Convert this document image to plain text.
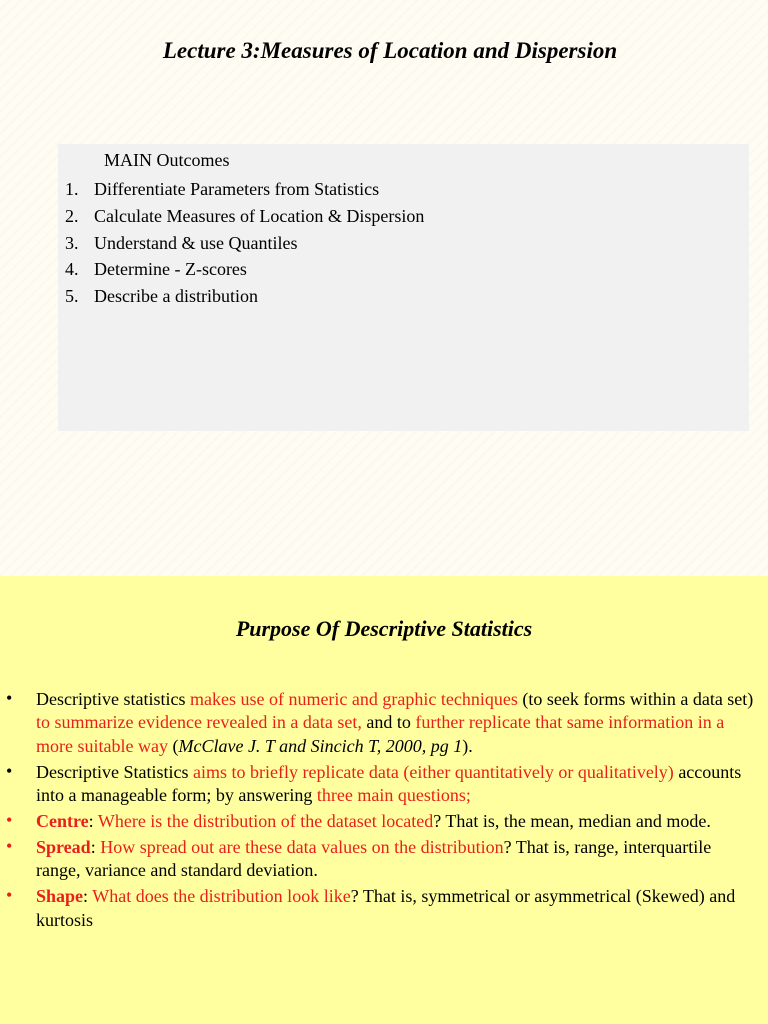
Lecture 3:Measures of Location and Dispersion
MAIN Outcomes
1. Differentiate Parameters from Statistics
2. Calculate Measures of Location & Dispersion
3. Understand & use Quantiles
4. Determine - Z-scores
5. Describe a distribution
Purpose Of Descriptive Statistics
• Descriptive statistics makes use of numeric and graphic techniques (to seek forms within a data set) to summarize evidence revealed in a data set, and to further replicate that same information in a more suitable way (McClave J. T and Sincich T, 2000, pg 1).
• Descriptive Statistics aims to briefly replicate data (either quantitatively or qualitatively) accounts into a manageable form; by answering three main questions;
• Centre: Where is the distribution of the dataset located? That is, the mean, median and mode.
• Spread: How spread out are these data values on the distribution? That is, range, interquartile range, variance and standard deviation.
• Shape: What does the distribution look like? That is, symmetrical or asymmetrical (Skewed) and kurtosis
